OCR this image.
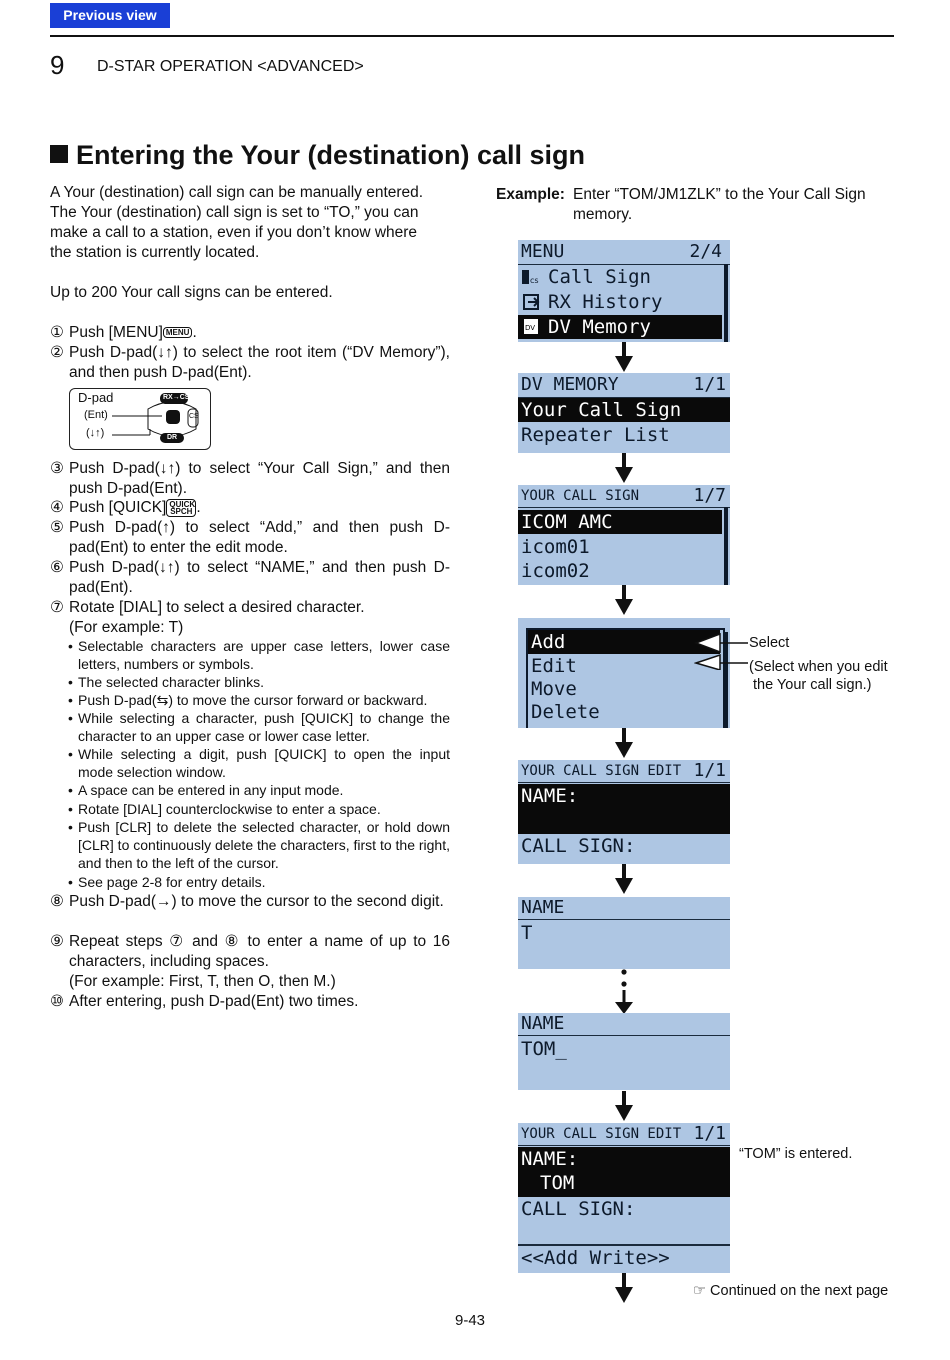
Previous view
9 D-STAR OPERATION <ADVANCED>
Entering the Your (destination) call sign
A Your (destination) call sign can be manually entered.
The Your (destination) call sign is set to “TO,” you can
make a call to a station, even if you don’t know where
the station is currently located.
Up to 200 Your call signs can be entered.
① Push [MENU] MENU .
② Push D-pad(↓↑) to select the root item (“DV Memory”), and then push D-pad(Ent).
D-pad
(Ent)
(↓↑)
RX→CS
DR
CS
③ Push D-pad(↓↑) to select “Your Call Sign,” and then push D-pad(Ent).
④ Push [QUICK] QUICK SPCH .
⑤ Push D-pad(↑) to select “Add,” and then push D-pad(Ent) to enter the edit mode.
⑥ Push D-pad(↓↑) to select “NAME,” and then push D-pad(Ent).
⑦ Rotate [DIAL] to select a desired character.
(For example: T)
• Selectable characters are upper case letters, lower case letters, numbers or symbols.
• The selected character blinks.
• Push D-pad(⇆) to move the cursor forward or backward.
• While selecting a character, push [QUICK] to change the character to an upper case or lower case letter.
• While selecting a digit, push [QUICK] to open the input mode selection window.
• A space can be entered in any input mode.
• Rotate [DIAL] counterclockwise to enter a space.
• Push [CLR] to delete the selected character, or hold down [CLR] to continuously delete the characters, first to the right, and then to the left of the cursor.
• See page 2-8 for entry details.
⑧ Push D-pad(→) to move the cursor to the second digit.
⑨ Repeat steps ⑦ and ⑧ to enter a name of up to 16 characters, including spaces.
(For example: First, T, then O, then M.)
⑩ After entering, push D-pad(Ent) two times.
Example: Enter “TOM/JM1ZLK” to the Your Call Sign memory.
MENU	2/4
Call Sign
RX History
DV Memory
cs
DV
DV MEMORY	1/1
Your Call Sign
Repeater List
YOUR CALL SIGN	1/7
ICOM AMC
icom01
icom02
Add
Edit
Move
Delete
Select
(Select when you edit
the Your call sign.)
YOUR CALL SIGN EDIT 1/1
NAME:
CALL SIGN:
NAME
T
NAME
TOM_
YOUR CALL SIGN EDIT 1/1
NAME:
TOM
CALL SIGN:
<<Add Write>>
“TOM” is entered.
☞ Continued on the next page
9-43
